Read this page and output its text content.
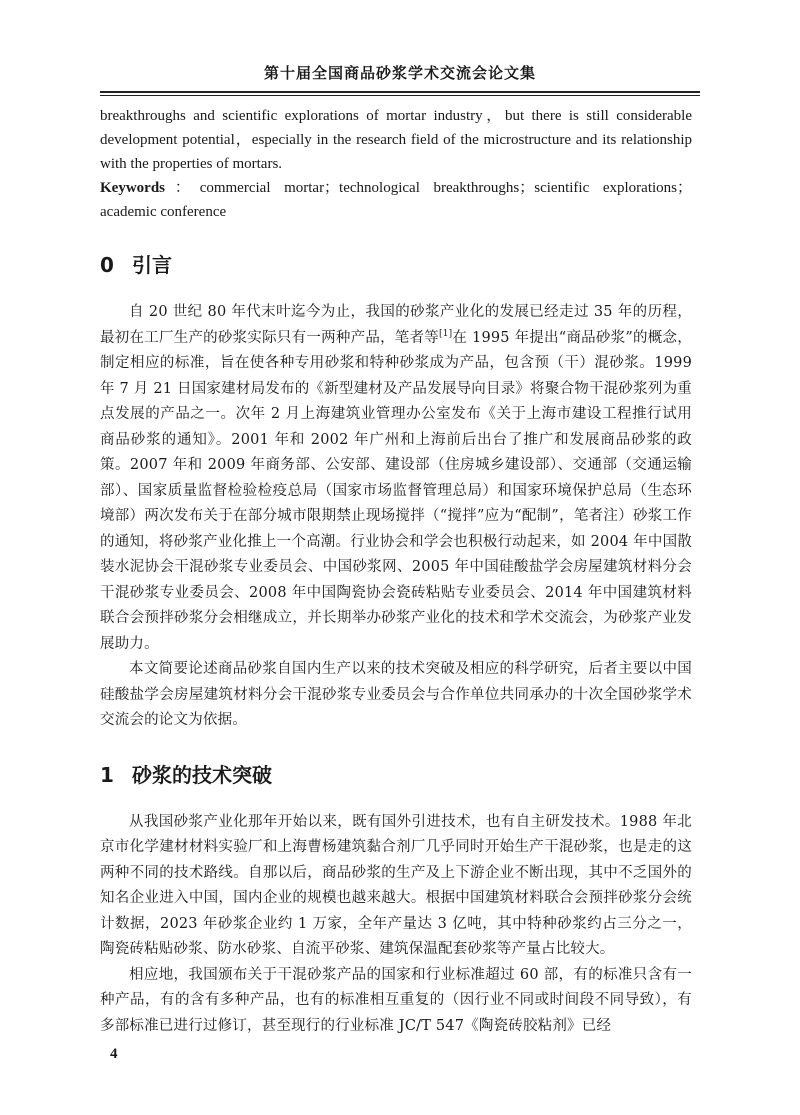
第十届全国商品砂浆学术交流会论文集

breakthroughs and scientific explorations of mortar industry，but there is still considerable development potential，especially in the research field of the microstructure and its relationship with the properties of mortars.

Keywords：commercial mortar；technological breakthroughs；scientific explorations；academic conference

0 引言

自 20 世纪 80 年代末叶迄今为止，我国的砂浆产业化的发展已经走过 35 年的历程，最初在工厂生产的砂浆实际只有一两种产品，笔者等[1]在 1995 年提出“商品砂浆”的概念，制定相应的标准，旨在使各种专用砂浆和特种砂浆成为产品，包含预（干）混砂浆。1999 年 7 月 21 日国家建材局发布的《新型建材及产品发展导向目录》将聚合物干混砂浆列为重点发展的产品之一。次年 2 月上海建筑业管理办公室发布《关于上海市建设工程推行试用商品砂浆的通知》。2001 年和 2002 年广州和上海前后出台了推广和发展商品砂浆的政策。2007 年和 2009 年商务部、公安部、建设部（住房城乡建设部）、交通部（交通运输部）、国家质量监督检验检疫总局（国家市场监督管理总局）和国家环境保护总局（生态环境部）两次发布关于在部分城市限期禁止现场搅拌（“搅拌”应为“配制”，笔者注）砂浆工作的通知，将砂浆产业化推上一个高潮。行业协会和学会也积极行动起来，如 2004 年中国散装水泥协会干混砂浆专业委员会、中国砂浆网、2005 年中国硅酸盐学会房屋建筑材料分会干混砂浆专业委员会、2008 年中国陶瓷协会瓷砖粘贴专业委员会、2014 年中国建筑材料联合会预拌砂浆分会相继成立，并长期举办砂浆产业化的技术和学术交流会，为砂浆产业发展助力。

本文简要论述商品砂浆自国内生产以来的技术突破及相应的科学研究，后者主要以中国硅酸盐学会房屋建筑材料分会干混砂浆专业委员会与合作单位共同承办的十次全国砂浆学术交流会的论文为依据。

1 砂浆的技术突破

从我国砂浆产业化那年开始以来，既有国外引进技术，也有自主研发技术。1988 年北京市化学建材材料实验厂和上海曹杨建筑黏合剂厂几乎同时开始生产干混砂浆，也是走的这两种不同的技术路线。自那以后，商品砂浆的生产及上下游企业不断出现，其中不乏国外的知名企业进入中国，国内企业的规模也越来越大。根据中国建筑材料联合会预拌砂浆分会统计数据，2023 年砂浆企业约 1 万家，全年产量达 3 亿吨，其中特种砂浆约占三分之一，陶瓷砖粘贴砂浆、防水砂浆、自流平砂浆、建筑保温配套砂浆等产量占比较大。

相应地，我国颁布关于干混砂浆产品的国家和行业标准超过 60 部，有的标准只含有一种产品，有的含有多种产品，也有的标准相互重复的（因行业不同或时间段不同导致），有多部标准已进行过修订，甚至现行的行业标准 JC/T 547《陶瓷砖胶粘剂》已经

4
